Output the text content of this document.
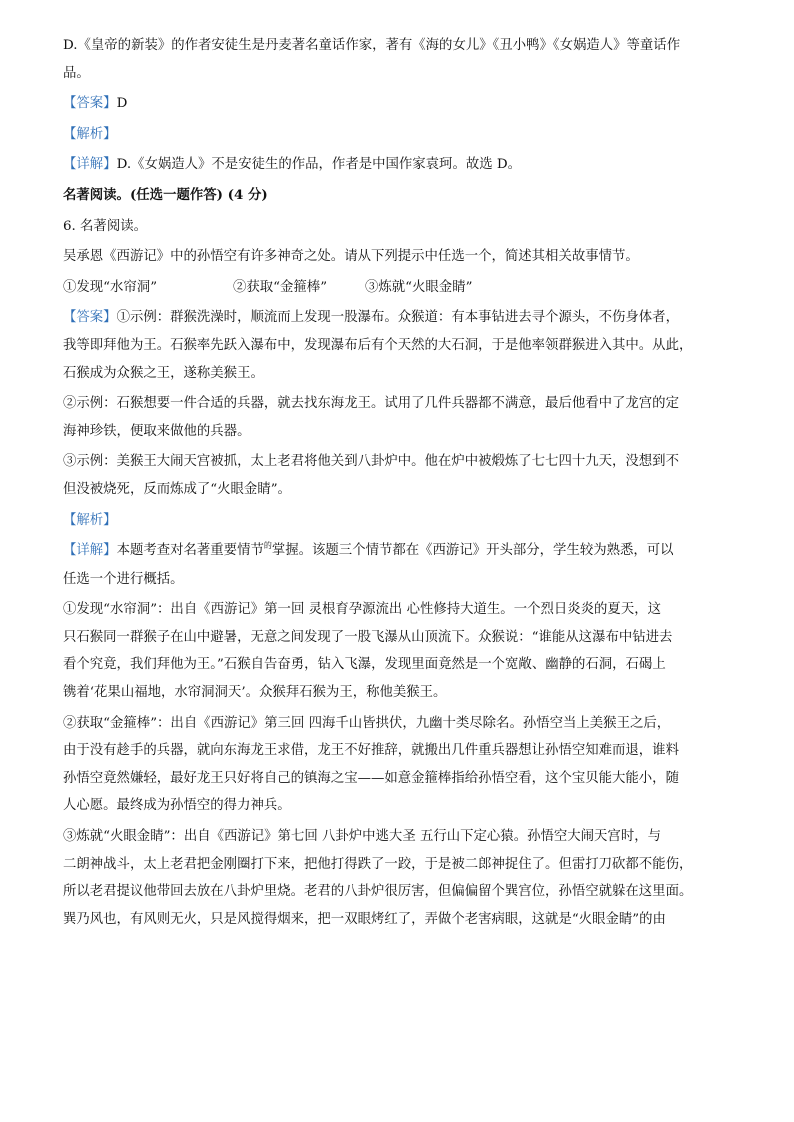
D.《皇帝的新装》的作者安徒生是丹麦著名童话作家，著有《海的女儿》《丑小鸭》《女娲造人》等童话作

品。

【答案】D

【解析】

【详解】D.《女娲造人》不是安徒生的作品，作者是中国作家袁珂。故选 D。

名著阅读。(任选一题作答) (4 分)

6. 名著阅读。

吴承恩《西游记》中的孙悟空有许多神奇之处。请从下列提示中任选一个，简述其相关故事情节。

①发现“水帘洞”	②获取“金箍棒”	③炼就“火眼金睛”

【答案】①示例：群猴洗澡时，顺流而上发现一股瀑布。众猴道：有本事钻进去寻个源头，不伤身体者，

我等即拜他为王。石猴率先跃入瀑布中，发现瀑布后有个天然的大石洞，于是他率领群猴进入其中。从此，

石猴成为众猴之王，遂称美猴王。

②示例：石猴想要一件合适的兵器，就去找东海龙王。试用了几件兵器都不满意，最后他看中了龙宫的定

海神珍铁，便取来做他的兵器。

③示例：美猴王大闹天宫被抓，太上老君将他关到八卦炉中。他在炉中被煅炼了七七四十九天，没想到不

但没被烧死，反而炼成了“火眼金睛”。

【解析】

【详解】本题考查对名著重要情节$^的$掌握。该题三个情节都在《西游记》开头部分，学生较为熟悉，可以

任选一个进行概括。

①发现“水帘洞”：出自《西游记》第一回 灵根育孕源流出 心性修持大道生。一个烈日炎炎的夏天，这

只石猴同一群猴子在山中避暑，无意之间发现了一股飞瀑从山顶流下。众猴说：“谁能从这瀑布中钻进去

看个究竟，我们拜他为王。”石猴自告奋勇，钻入飞瀑，发现里面竟然是一个宽敞、幽静的石洞，石碣上

镌着‘花果山福地，水帘洞洞天’。众猴拜石猴为王，称他美猴王。

②获取“金箍棒”：出自《西游记》第三回 四海千山皆拱伏，九幽十类尽除名。孙悟空当上美猴王之后，

由于没有趁手的兵器，就向东海龙王求借，龙王不好推辞，就搬出几件重兵器想让孙悟空知难而退，谁料

孙悟空竟然嫌轻，最好龙王只好将自己的镇海之宝——如意金箍棒指给孙悟空看，这个宝贝能大能小，随

人心愿。最终成为孙悟空的得力神兵。

③炼就“火眼金睛”：出自《西游记》第七回 八卦炉中逃大圣 五行山下定心猿。孙悟空大闹天宫时，与

二朗神战斗，太上老君把金刚圈打下来，把他打得跌了一跤，于是被二郎神捉住了。但雷打刀砍都不能伤，

所以老君提议他带回去放在八卦炉里烧。老君的八卦炉很厉害，但偏偏留个巽宫位，孙悟空就躲在这里面。

巽乃风也，有风则无火，只是风搅得烟来，把一双眼烤红了，弄做个老害病眼，这就是“火眼金睛”的由
